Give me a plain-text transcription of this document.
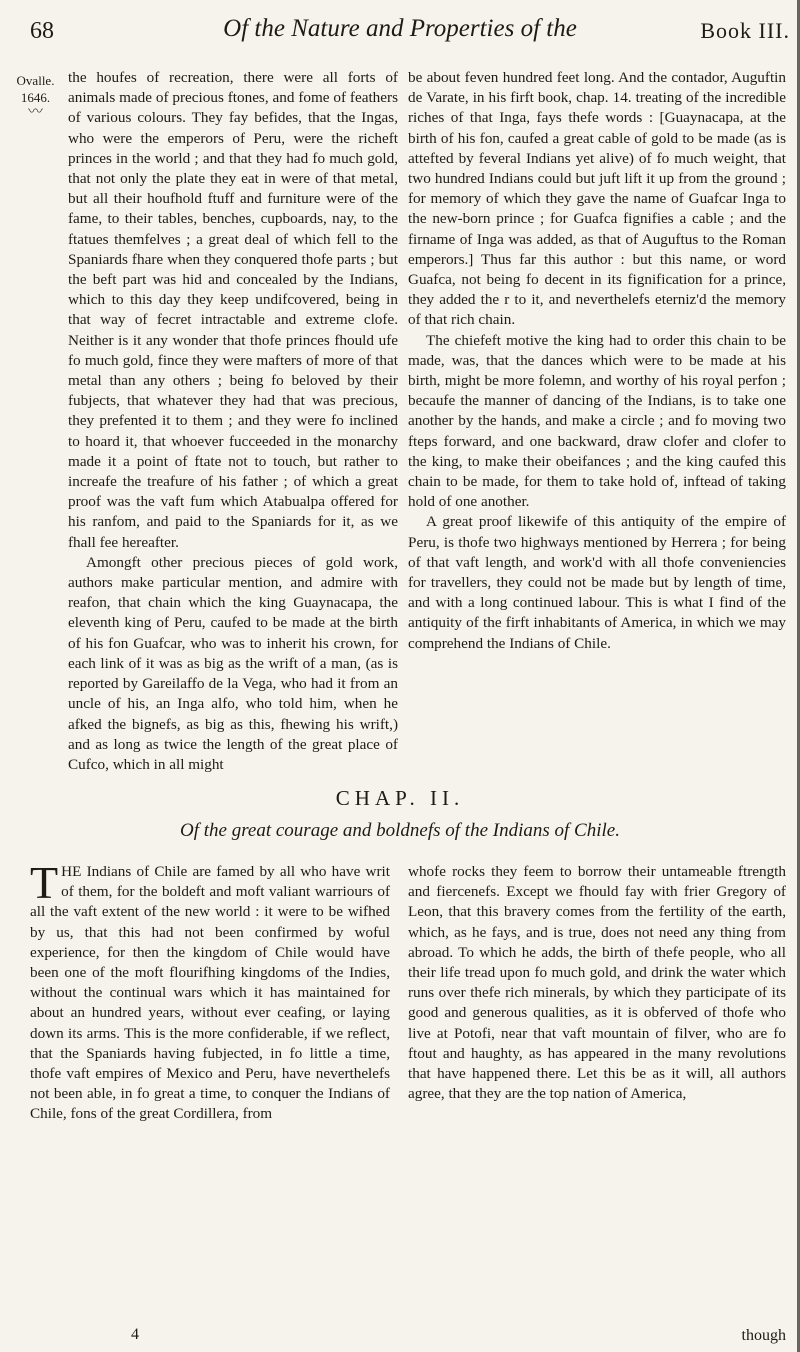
68	Of the Nature and Properties of the	Book III.
Ovalle.
1646.
〰

the houfes of recreation, there were all forts of animals made of precious ftones, and fome of feathers of various colours. They fay befides, that the Ingas, who were the emperors of Peru, were the richeft princes in the world ; and that they had fo much gold, that not only the plate they eat in were of that metal, but all their houfhold ftuff and furniture were of the fame, to their tables, benches, cupboards, nay, to the ftatues themfelves ; a great deal of which fell to the Spaniards fhare when they conquered thofe parts ; but the beft part was hid and concealed by the Indians, which to this day they keep undifcovered, being in that way of fecret intractable and extreme clofe. Neither is it any wonder that thofe princes fhould ufe fo much gold, fince they were mafters of more of that metal than any others ; being fo beloved by their fubjects, that whatever they had that was precious, they prefented it to them ; and they were fo inclined to hoard it, that whoever fucceeded in the monarchy made it a point of ftate not to touch, but rather to increafe the treafure of his father ; of which a great proof was the vaft fum which Atabualpa offered for his ranfom, and paid to the Spaniards for it, as we fhall fee hereafter.

Amongft other precious pieces of gold work, authors make particular mention, and admire with reafon, that chain which the king Guaynacapa, the eleventh king of Peru, caufed to be made at the birth of his fon Guafcar, who was to inherit his crown, for each link of it was as big as the wrift of a man, (as is reported by Gareilaffo de la Vega, who had it from an uncle of his, an Inga alfo, who told him, when he afked the bignefs, as big as this, fhewing his wrift,) and as long as twice the length of the great place of Cufco, which in all might

be about feven hundred feet long. And the contador, Auguftin de Varate, in his firft book, chap. 14. treating of the incredible riches of that Inga, fays thefe words : [Guaynacapa, at the birth of his fon, caufed a great cable of gold to be made (as is attefted by feveral Indians yet alive) of fo much weight, that two hundred Indians could but juft lift it up from the ground ; for memory of which they gave the name of Guafcar Inga to the new-born prince ; for Guafca fignifies a cable ; and the firname of Inga was added, as that of Auguftus to the Roman emperors.] Thus far this author : but this name, or word Guafca, not being fo decent in its fignification for a prince, they added the r to it, and neverthelefs eterniz'd the memory of that rich chain.

The chiefeft motive the king had to order this chain to be made, was, that the dances which were to be made at his birth, might be more folemn, and worthy of his royal perfon ; becaufe the manner of dancing of the Indians, is to take one another by the hands, and make a circle ; and fo moving two fteps forward, and one backward, draw clofer and clofer to the king, to make their obeifances ; and the king caufed this chain to be made, for them to take hold of, inftead of taking hold of one another.

A great proof likewife of this antiquity of the empire of Peru, is thofe two highways mentioned by Herrera ; for being of that vaft length, and work'd with all thofe conveniencies for travellers, they could not be made but by length of time, and with a long continued labour. This is what I find of the antiquity of the firft inhabitants of America, in which we may comprehend the Indians of Chile.

CHAP. II.
Of the great courage and boldnefs of the Indians of Chile.

THE Indians of Chile are famed by all who have writ of them, for the boldeft and moft valiant warriours of all the vaft extent of the new world : it were to be wifhed by us, that this had not been confirmed by woful experience, for then the kingdom of Chile would have been one of the moft flourifhing kingdoms of the Indies, without the continual wars which it has maintained for about an hundred years, without ever ceafing, or laying down its arms. This is the more confiderable, if we reflect, that the Spaniards having fubjected, in fo little a time, thofe vaft empires of Mexico and Peru, have neverthelefs not been able, in fo great a time, to conquer the Indians of Chile, fons of the great Cordillera, from

whofe rocks they feem to borrow their untameable ftrength and fiercenefs. Except we fhould fay with frier Gregory of Leon, that this bravery comes from the fertility of the earth, which, as he fays, and is true, does not need any thing from abroad. To which he adds, the birth of thefe people, who all their life tread upon fo much gold, and drink the water which runs over thefe rich minerals, by which they participate of its good and generous qualities, as it is obferved of thofe who live at Potofi, near that vaft mountain of filver, who are fo ftout and haughty, as has appeared in the many revolutions that have happened there. Let this be as it will, all authors agree, that they are the top nation of America,

4	though
